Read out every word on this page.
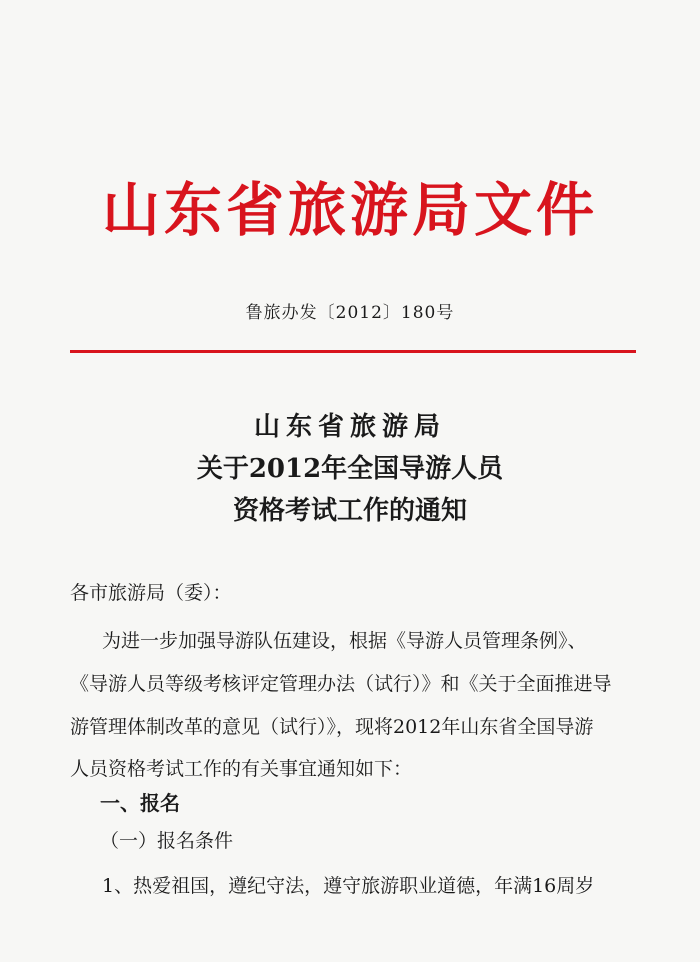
山东省旅游局文件
鲁旅办发〔2012〕180号
山东省旅游局
关于2012年全国导游人员
资格考试工作的通知
各市旅游局（委）：
为进一步加强导游队伍建设，根据《导游人员管理条例》、
《导游人员等级考核评定管理办法（试行）》和《关于全面推进导
游管理体制改革的意见（试行）》，现将2012年山东省全国导游
人员资格考试工作的有关事宜通知如下：
一、报名
（一）报名条件
1、热爱祖国，遵纪守法，遵守旅游职业道德，年满16周岁
